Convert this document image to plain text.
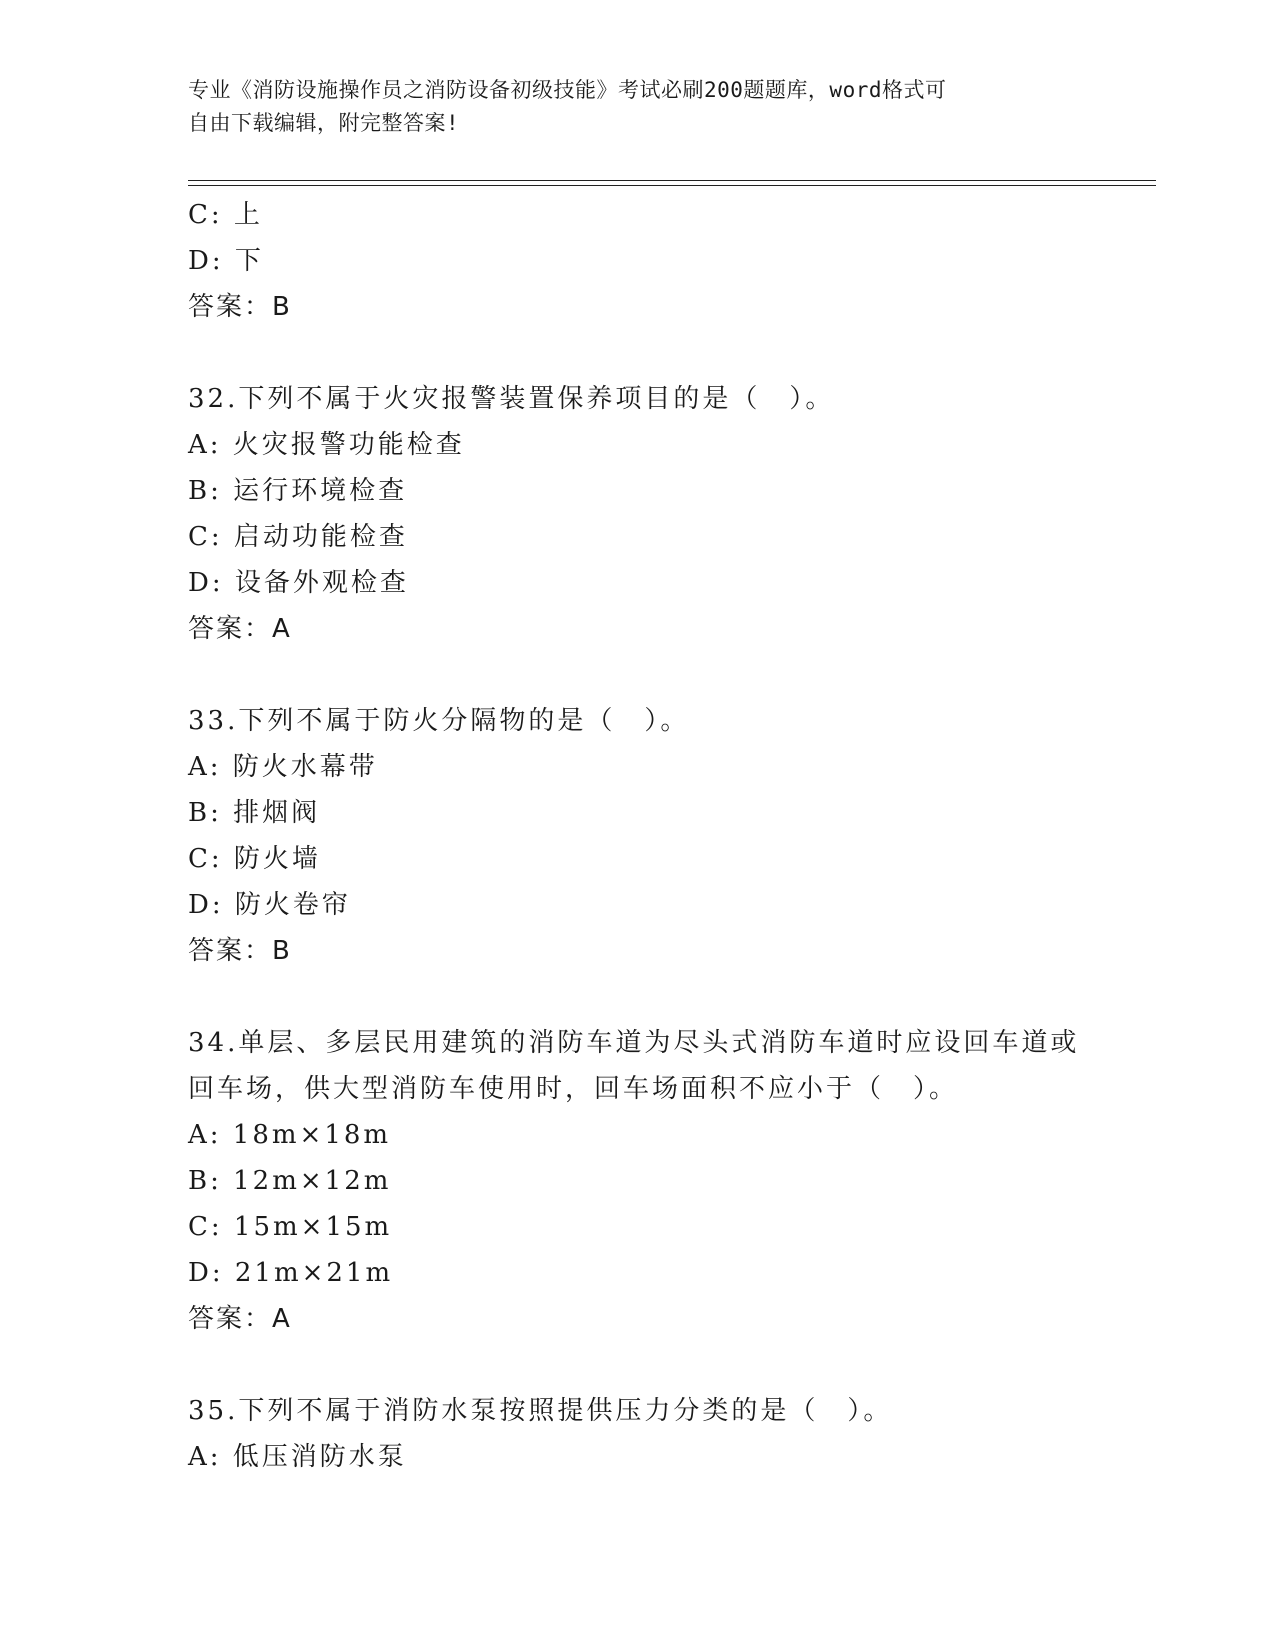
专业《消防设施操作员之消防设备初级技能》考试必刷200题题库，word格式可
自由下载编辑，附完整答案!
C: 上
D: 下
答案：B
32.下列不属于火灾报警装置保养项目的是（　）。
A: 火灾报警功能检查
B: 运行环境检查
C: 启动功能检查
D: 设备外观检查
答案：A
33.下列不属于防火分隔物的是（　）。
A: 防火水幕带
B: 排烟阀
C: 防火墙
D: 防火卷帘
答案：B
34.单层、多层民用建筑的消防车道为尽头式消防车道时应设回车道或
回车场，供大型消防车使用时，回车场面积不应小于（　）。
A: 18m×18m
B: 12m×12m
C: 15m×15m
D: 21m×21m
答案：A
35.下列不属于消防水泵按照提供压力分类的是（　）。
A: 低压消防水泵
